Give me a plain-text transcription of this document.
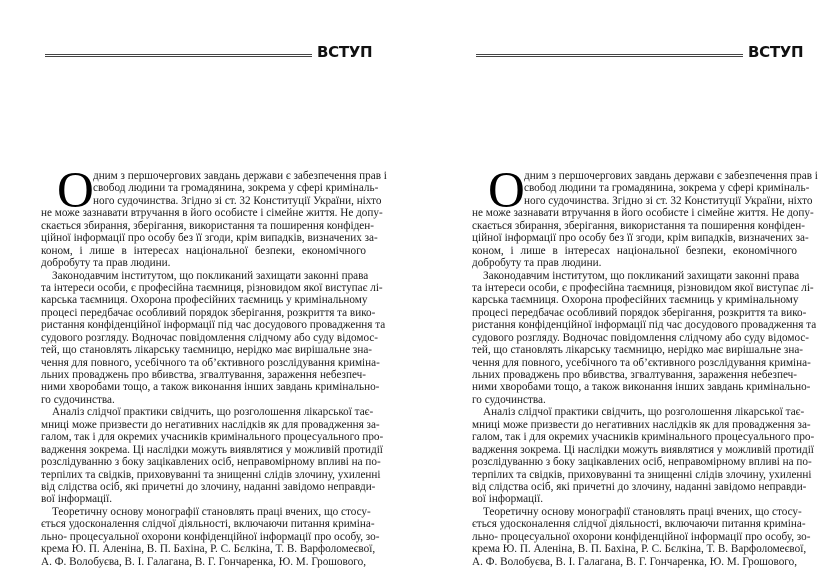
ВСТУП
О дним з першочергових завдань держави є забезпечення прав і
свобод людини та громадянина, зокрема у сфері криміналь-
ного судочинства. Згідно зі ст. 32 Конституції України, ніхто
не може зазнавати втручання в його особисте і сімейне життя. Не допу-
скається збирання, зберігання, використання та поширення конфіден-
ційної інформації про особу без її згоди, крім випадків, визначених за-
коном, і лише в інтересах національної безпеки, економічного
добробуту та прав людини.
Законодавчим інститутом, що покликаний захищати законні права
та інтереси особи, є професійна таємниця, різновидом якої виступає лі-
карська таємниця. Охорона професійних таємниць у кримінальному
процесі передбачає особливий порядок зберігання, розкриття та вико-
ристання конфіденційної інформації під час досудового провадження та
судового розгляду. Водночас повідомлення слідчому або суду відомос-
тей, що становлять лікарську таємницю, нерідко має вирішальне зна-
чення для повного, усебічного та об’єктивного розслідування кримінa-
льних проваджень про вбивства, згвалтування, зараження небезпеч-
ними хворобами тощо, а також виконання інших завдань кримінально-
го судочинства.
Аналіз слідчої практики свідчить, що розголошення лікарської тає-
мниці може призвести до негативних наслідків як для провадження за-
галом, так і для окремих учасників кримінального процесуального про-
вадження зокрема. Ці наслідки можуть виявлятися у можливій протидії
розслідуванню з боку зацікавлених осіб, неправомірному впливі на по-
терпілих та свідків, приховуванні та знищенні слідів злочину, ухиленні
від слідства осіб, які причетні до злочину, наданні завідомо неправди-
вої інформації.
Теоретичну основу монографії становлять праці вчених, що стосу-
ється удосконалення слідчої діяльності, включаючи питання криміна-
льно- процесуальної охорони конфіденційної інформації про особу, зо-
крема Ю. П. Аленіна, В. П. Бахіна, Р. С. Бєлкіна, Т. В. Варфоломеєвої,
А. Ф. Волобуєва, В. І. Галагана, В. Г. Гончаренка, Ю. М. Грошового,
ВСТУП
О дним з першочергових завдань держави є забезпечення прав і
свобод людини та громадянина, зокрема у сфері криміналь-
ного судочинства. Згідно зі ст. 32 Конституції України, ніхто
не може зазнавати втручання в його особисте і сімейне життя. Не допу-
скається збирання, зберігання, використання та поширення конфіден-
ційної інформації про особу без її згоди, крім випадків, визначених за-
коном, і лише в інтересах національної безпеки, економічного
добробуту та прав людини.
Законодавчим інститутом, що покликаний захищати законні права
та інтереси особи, є професійна таємниця, різновидом якої виступає лі-
карська таємниця. Охорона професійних таємниць у кримінальному
процесі передбачає особливий порядок зберігання, розкриття та вико-
ристання конфіденційної інформації під час досудового провадження та
судового розгляду. Водночас повідомлення слідчому або суду відомос-
тей, що становлять лікарську таємницю, нерідко має вирішальне зна-
чення для повного, усебічного та об’єктивного розслідування криміна-
льних проваджень про вбивства, згвалтування, зараження небезпеч-
ними хворобами тощо, а також виконання інших завдань кримінально-
го судочинства.
Аналіз слідчої практики свідчить, що розголошення лікарської тає-
мниці може призвести до негативних наслідків як для провадження за-
галом, так і для окремих учасників кримінального процесуального про-
вадження зокрема. Ці наслідки можуть виявлятися у можливій протидії
розслідуванню з боку зацікавлених осіб, неправомірному впливі на по-
терпілих та свідків, приховуванні та знищенні слідів злочину, ухиленні
від слідства осіб, які причетні до злочину, наданні завідомо неправди-
вої інформації.
Теоретичну основу монографії становлять праці вчених, що стосу-
ється удосконалення слідчої діяльності, включаючи питання криміна-
льно- процесуальної охорони конфіденційної інформації про особу, зо-
крема Ю. П. Аленіна, В. П. Бахіна, Р. С. Бєлкіна, Т. В. Варфоломеєвої,
А. Ф. Волобуєва, В. І. Галагана, В. Г. Гончаренка, Ю. М. Грошового,
